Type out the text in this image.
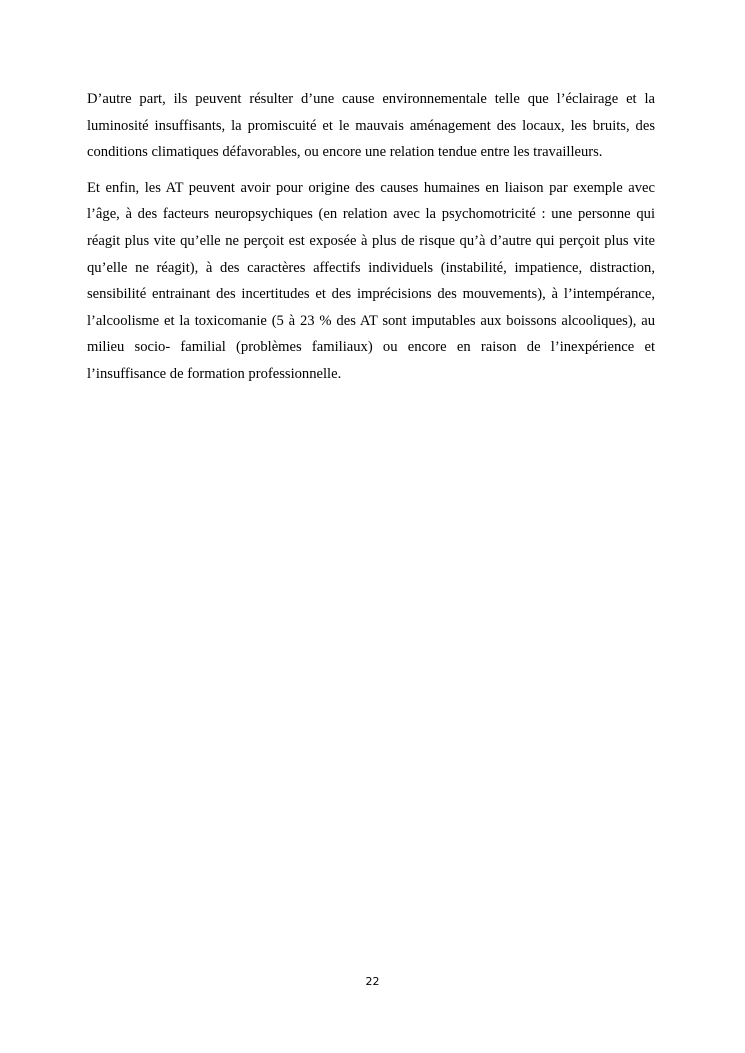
D’autre part, ils peuvent résulter d’une cause environnementale telle que l’éclairage et la luminosité insuffisants, la promiscuité et le mauvais aménagement des locaux, les bruits, des conditions climatiques défavorables, ou encore une relation tendue entre les travailleurs.

Et enfin, les AT peuvent avoir pour origine des causes humaines en liaison par exemple avec l’âge, à des facteurs neuropsychiques (en relation avec la psychomotricité : une personne qui réagit plus vite qu’elle ne perçoit est exposée à plus de risque qu’à d’autre qui perçoit plus vite qu’elle ne réagit), à des caractères affectifs individuels (instabilité, impatience, distraction, sensibilité entrainant des incertitudes et des imprécisions des mouvements), à l’intempérance, l’alcoolisme et la toxicomanie (5 à 23 % des AT sont imputables aux boissons alcooliques), au milieu socio- familial (problèmes familiaux) ou encore en raison de l’inexpérience et l’insuffisance de formation professionnelle.

22
